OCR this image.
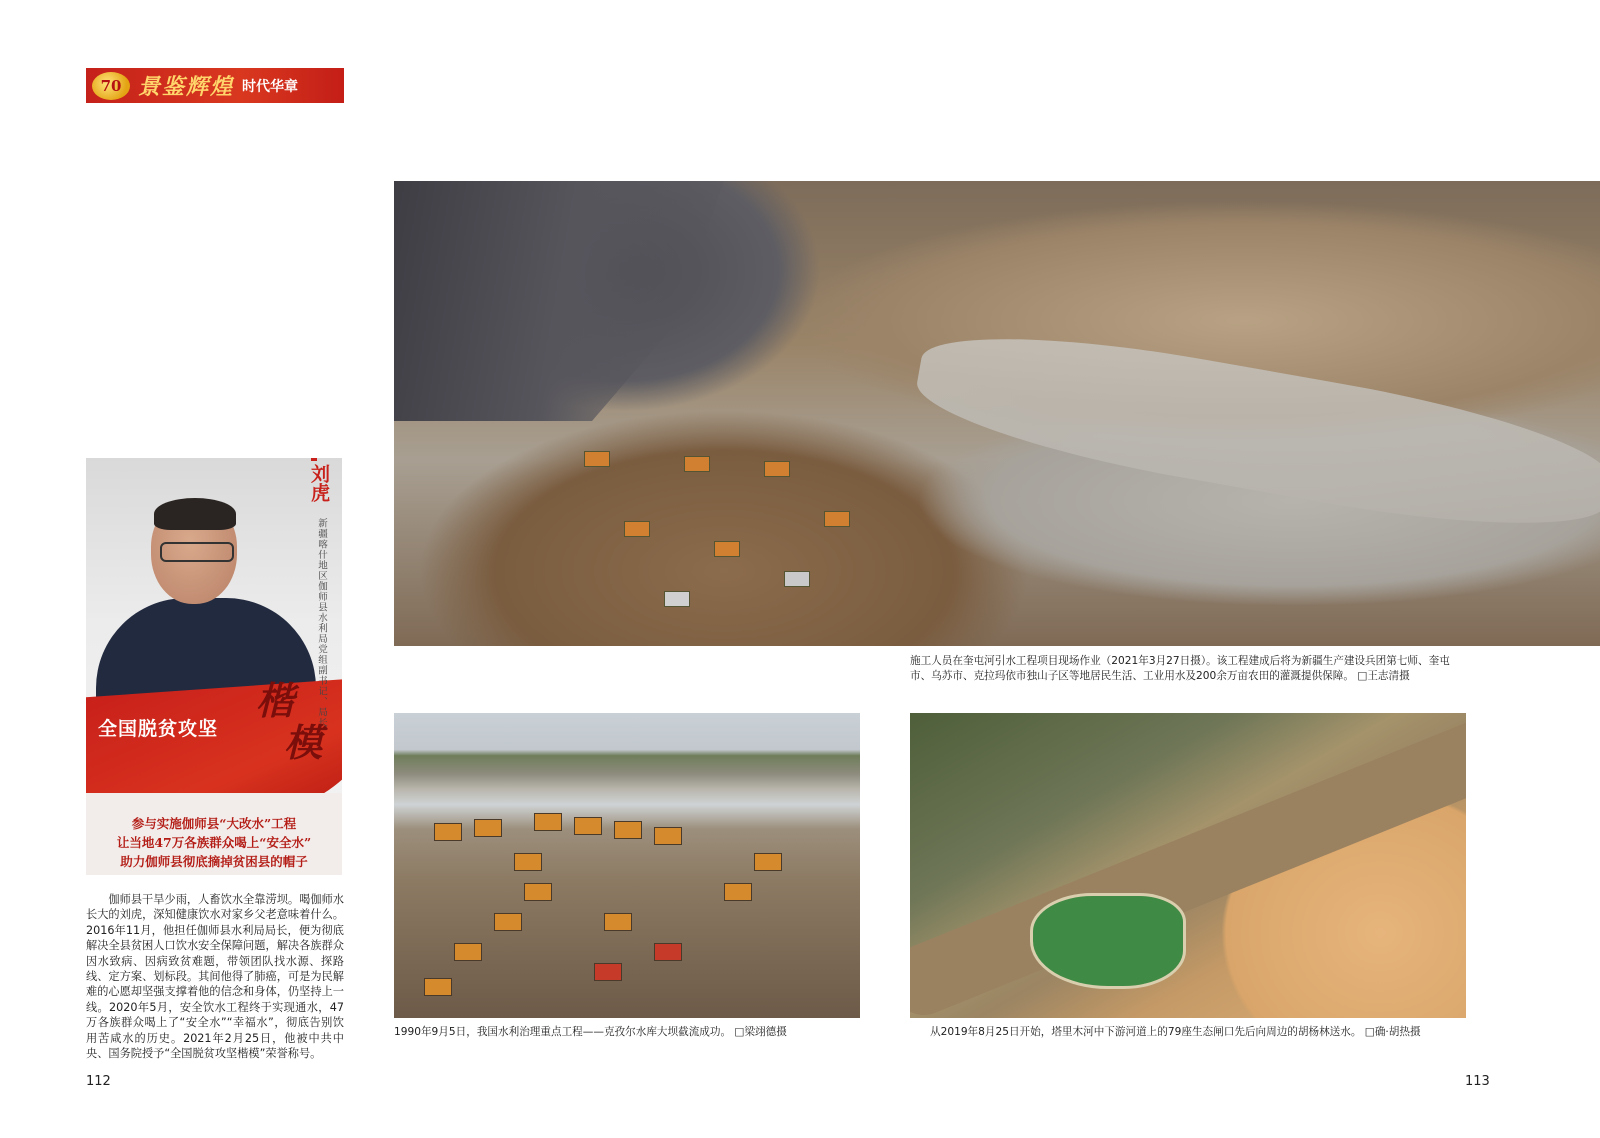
70 景鉴辉煌 时代华章
施工人员在奎屯河引水工程项目现场作业（2021年3月27日摄）。该工程建成后将为新疆生产建设兵团第七师、奎屯市、乌苏市、克拉玛依市独山子区等地居民生活、工业用水及200余万亩农田的灌溉提供保障。 □王志清摄
刘虎
新疆喀什地区伽师县水利局党组副书记、局长
全国脱贫攻坚
楷
模
参与实施伽师县“大改水”工程
让当地47万各族群众喝上“安全水”
助力伽师县彻底摘掉贫困县的帽子
伽师县干旱少雨，人畜饮水全靠涝坝。喝伽师水长大的刘虎，深知健康饮水对家乡父老意味着什么。2016年11月，他担任伽师县水利局局长，便为彻底解决全县贫困人口饮水安全保障问题，解决各族群众因水致病、因病致贫难题，带领团队找水源、探路线、定方案、划标段。其间他得了肺癌，可是为民解难的心愿却坚强支撑着他的信念和身体，仍坚持上一线。2020年5月，安全饮水工程终于实现通水，47万各族群众喝上了“安全水”“幸福水”，彻底告别饮用苦咸水的历史。2021年2月25日，他被中共中央、国务院授予“全国脱贫攻坚楷模”荣誉称号。
1990年9月5日，我国水利治理重点工程——克孜尔水库大坝截流成功。 □梁翊德摄	从2019年8月25日开始，塔里木河中下游河道上的79座生态闸口先后向周边的胡杨林送水。 □确·胡热摄
112	113
